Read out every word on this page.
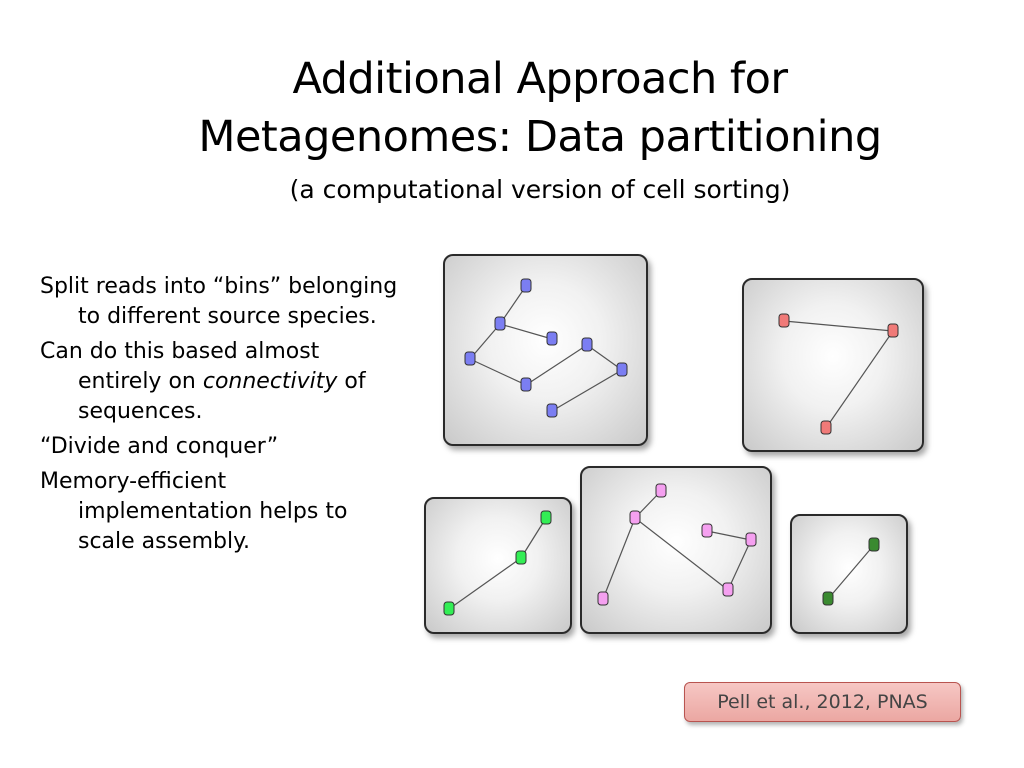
Additional Approach for
Metagenomes: Data partitioning
(a computational version of cell sorting)
Split reads into “bins” belonging to different source species.
Can do this based almost entirely on connectivity of sequences.
“Divide and conquer”
Memory-efficient implementation helps to scale assembly.
Pell et al., 2012, PNAS
